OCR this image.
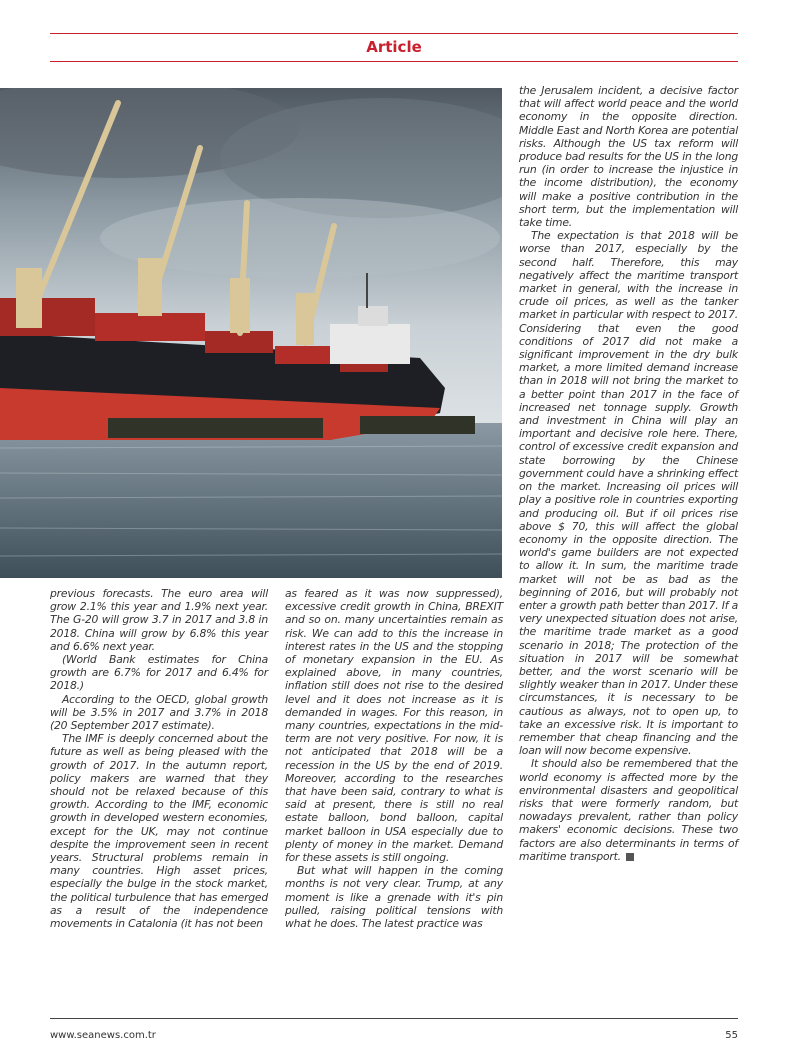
Article

previous forecasts. The euro area will grow 2.1% this year and 1.9% next year. The G-20 will grow 3.7 in 2017 and 3.8 in 2018. China will grow by 6.8% this year and 6.6% next year.

(World Bank estimates for China growth are 6.7% for 2017 and 6.4% for 2018.)

According to the OECD, global growth will be 3.5% in 2017 and 3.7% in 2018 (20 September 2017 estimate).

The IMF is deeply concerned about the future as well as being pleased with the growth of 2017. In the autumn report, policy makers are warned that they should not be relaxed because of this growth. According to the IMF, economic growth in developed western economies, except for the UK, may not continue despite the improvement seen in recent years. Structural problems remain in many countries. High asset prices, especially the bulge in the stock market, the political turbulence that has emerged as a result of the independence movements in Catalonia (it has not been

as feared as it was now suppressed), excessive credit growth in China, BREXIT and so on. many uncertainties remain as risk. We can add to this the increase in interest rates in the US and the stopping of monetary expansion in the EU. As explained above, in many countries, inflation still does not rise to the desired level and it does not increase as it is demanded in wages. For this reason, in many countries, expectations in the mid-term are not very positive. For now, it is not anticipated that 2018 will be a recession in the US by the end of 2019. Moreover, according to the researches that have been said, contrary to what is said at present, there is still no real estate balloon, bond balloon, capital market balloon in USA especially due to plenty of money in the market. Demand for these assets is still ongoing.

But what will happen in the coming months is not very clear. Trump, at any moment is like a grenade with it's pin pulled, raising political tensions with what he does. The latest practice was

the Jerusalem incident, a decisive factor that will affect world peace and the world economy in the opposite direction. Middle East and North Korea are potential risks. Although the US tax reform will produce bad results for the US in the long run (in order to increase the injustice in the income distribution), the economy will make a positive contribution in the short term, but the implementation will take time.

The expectation is that 2018 will be worse than 2017, especially by the second half. Therefore, this may negatively affect the maritime transport market in general, with the increase in crude oil prices, as well as the tanker market in particular with respect to 2017. Considering that even the good conditions of 2017 did not make a significant improvement in the dry bulk market, a more limited demand increase than in 2018 will not bring the market to a better point than 2017 in the face of increased net tonnage supply. Growth and investment in China will play an important and decisive role here. There, control of excessive credit expansion and state borrowing by the Chinese government could have a shrinking effect on the market. Increasing oil prices will play a positive role in countries exporting and producing oil. But if oil prices rise above $ 70, this will affect the global economy in the opposite direction. The world's game builders are not expected to allow it. In sum, the maritime trade market will not be as bad as the beginning of 2016, but will probably not enter a growth path better than 2017. If a very unexpected situation does not arise, the maritime trade market as a good scenario in 2018; The protection of the situation in 2017 will be somewhat better, and the worst scenario will be slightly weaker than in 2017. Under these circumstances, it is necessary to be cautious as always, not to open up, to take an excessive risk. It is important to remember that cheap financing and the loan will now become expensive.

It should also be remembered that the world economy is affected more by the environmental disasters and geopolitical risks that were formerly random, but nowadays prevalent, rather than policy makers' economic decisions. These two factors are also determinants in terms of maritime transport.

www.seanews.com.tr	55
